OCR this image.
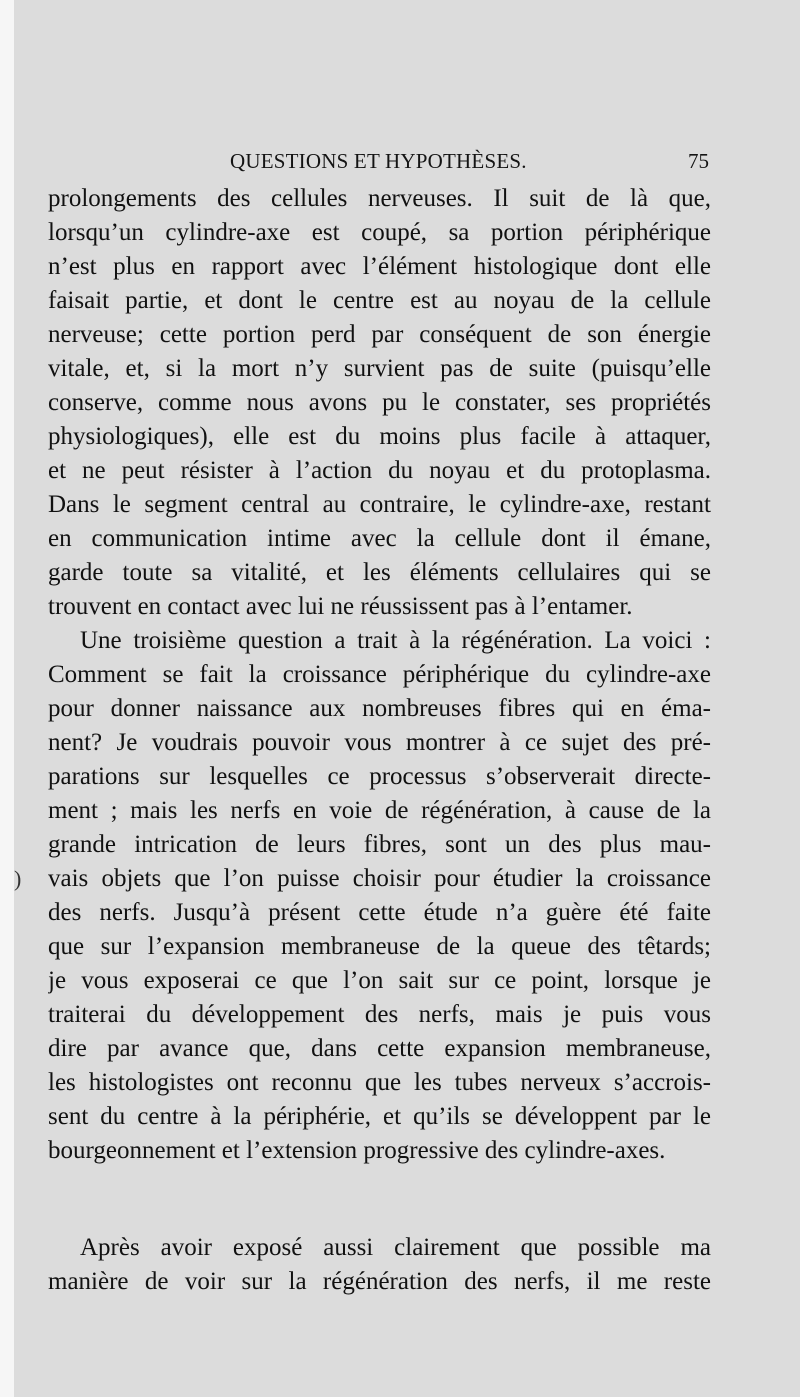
QUESTIONS ET HYPOTHÈSES.	75
prolongements des cellules nerveuses. Il suit de là que,
lorsqu’un cylindre-axe est coupé, sa portion périphérique
n’est plus en rapport avec l’élément histologique dont elle
faisait partie, et dont le centre est au noyau de la cellule
nerveuse; cette portion perd par conséquent de son énergie
vitale, et, si la mort n’y survient pas de suite (puisqu’elle
conserve, comme nous avons pu le constater, ses propriétés
physiologiques), elle est du moins plus facile à attaquer,
et ne peut résister à l’action du noyau et du protoplasma.
Dans le segment central au contraire, le cylindre-axe, restant
en communication intime avec la cellule dont il émane,
garde toute sa vitalité, et les éléments cellulaires qui se
trouvent en contact avec lui ne réussissent pas à l’entamer.
Une troisième question a trait à la régénération. La voici :
Comment se fait la croissance périphérique du cylindre-axe
pour donner naissance aux nombreuses fibres qui en éma-
nent? Je voudrais pouvoir vous montrer à ce sujet des pré-
parations sur lesquelles ce processus s’observerait directe-
ment ; mais les nerfs en voie de régénération, à cause de la
grande intrication de leurs fibres, sont un des plus mau-
vais objets que l’on puisse choisir pour étudier la croissance
des nerfs. Jusqu’à présent cette étude n’a guère été faite
que sur l’expansion membraneuse de la queue des têtards;
je vous exposerai ce que l’on sait sur ce point, lorsque je
traiterai du développement des nerfs, mais je puis vous
dire par avance que, dans cette expansion membraneuse,
les histologistes ont reconnu que les tubes nerveux s’accrois-
sent du centre à la périphérie, et qu’ils se développent par le
bourgeonnement et l’extension progressive des cylindre-axes.
Après avoir exposé aussi clairement que possible ma
manière de voir sur la régénération des nerfs, il me reste
)
